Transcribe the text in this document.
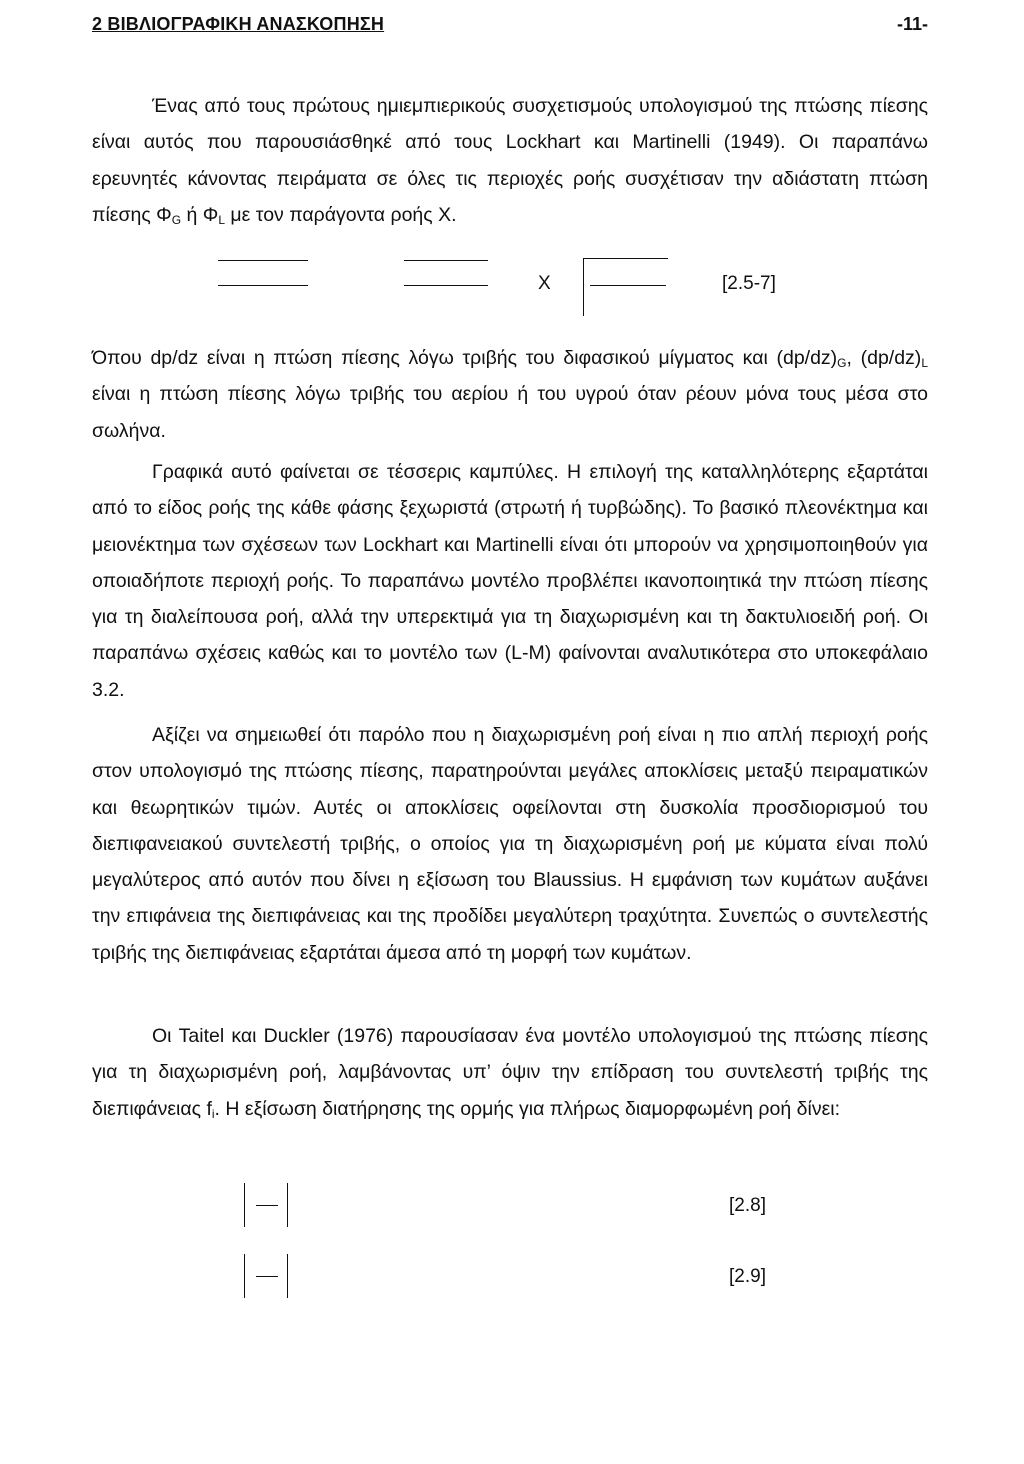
2 ΒΙΒΛΙΟΓΡΑΦΙΚΗ ΑΝΑΣΚΟΠΗΣΗ	-11-

Ένας από τους πρώτους ημιεμπιερικούς συσχετισμούς υπολογισμού της πτώσης πίεσης είναι αυτός που παρουσιάσθηκέ από τους Lockhart και Martinelli (1949). Οι παραπάνω ερευνητές κάνοντας πειράματα σε όλες τις περιοχές ροής συσχέτισαν την αδιάστατη πτώση πίεσης $\Phi_G$ ή $\Phi_L$ με τον παράγοντα ροής Χ.

Χ	[2.5-7]

Όπου dp/dz είναι η πτώση πίεσης λόγω τριβής του διφασικού μίγματος και $(dp/dz)_G$, $(dp/dz)_L$ είναι η πτώση πίεσης λόγω τριβής του αερίου ή του υγρού όταν ρέουν μόνα τους μέσα στο σωλήνα.

Γραφικά αυτό φαίνεται σε τέσσερις καμπύλες. Η επιλογή της καταλληλότερης εξαρτάται από το είδος ροής της κάθε φάσης ξεχωριστά (στρωτή ή τυρβώδης). Το βασικό πλεονέκτημα και μειονέκτημα των σχέσεων των Lockhart και Martinelli είναι ότι μπορούν να χρησιμοποιηθούν για οποιαδήποτε περιοχή ροής. Το παραπάνω μοντέλο προβλέπει ικανοποιητικά την πτώση πίεσης για τη διαλείπουσα ροή, αλλά την υπερεκτιμά για τη διαχωρισμένη και τη δακτυλιοειδή ροή. Οι παραπάνω σχέσεις καθώς και το μοντέλο των (L-M) φαίνονται αναλυτικότερα στο υποκεφάλαιο 3.2.

Αξίζει να σημειωθεί ότι παρόλο που η διαχωρισμένη ροή είναι η πιο απλή περιοχή ροής στον υπολογισμό της πτώσης πίεσης, παρατηρούνται μεγάλες αποκλίσεις μεταξύ πειραματικών και θεωρητικών τιμών. Αυτές οι αποκλίσεις οφείλονται στη δυσκολία προσδιορισμού του διεπιφανειακού συντελεστή τριβής, ο οποίος για τη διαχωρισμένη ροή με κύματα είναι πολύ μεγαλύτερος από αυτόν που δίνει η εξίσωση του Blaussius. Η εμφάνιση των κυμάτων αυξάνει την επιφάνεια της διεπιφάνειας και της προδίδει μεγαλύτερη τραχύτητα. Συνεπώς ο συντελεστής τριβής της διεπιφάνειας εξαρτάται άμεσα από τη μορφή των κυμάτων.

Οι Taitel και Duckler (1976) παρουσίασαν ένα μοντέλο υπολογισμού της πτώσης πίεσης για τη διαχωρισμένη ροή, λαμβάνοντας υπ’ όψιν την επίδραση του συντελεστή τριβής της διεπιφάνειας $f_i$. Η εξίσωση διατήρησης της ορμής για πλήρως διαμορφωμένη ροή δίνει:

[2.8]
[2.9]
